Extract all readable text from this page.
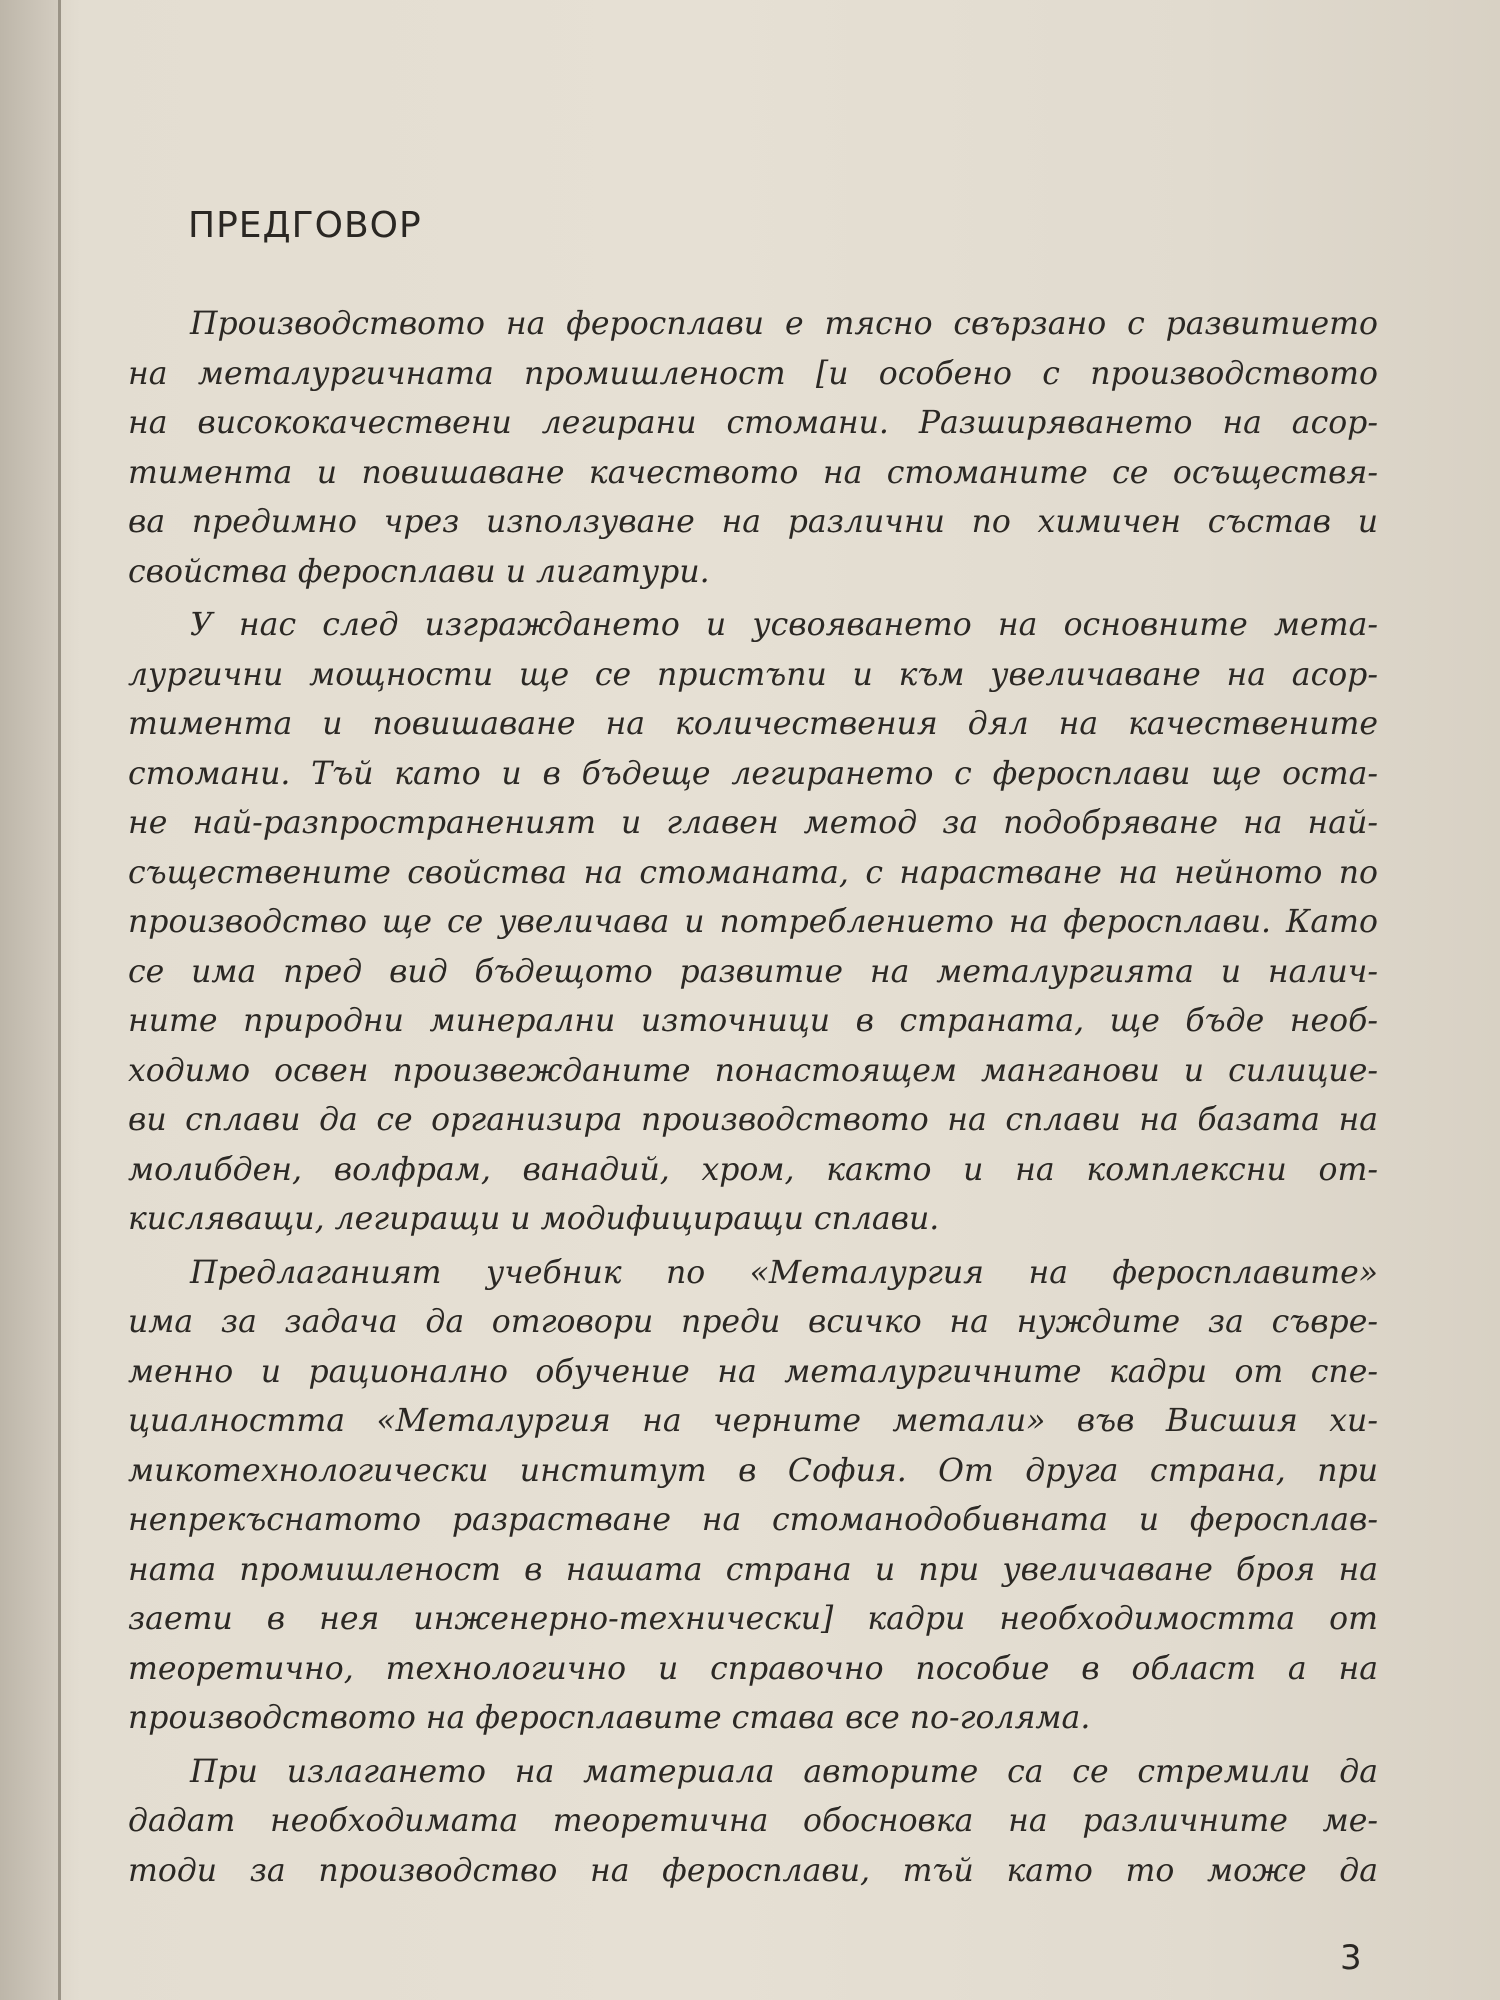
ПРЕДГОВОР
Производството на феросплави е тясно свързано с развитието
на металургичната промишленост [и особено с производството
на висококачествени легирани стомани. Разширяването на асор-
тимента и повишаване качеството на стоманите се осъществя-
ва предимно чрез използуване на различни по химичен състав и
свойства феросплави и лигатури.
У нас след изграждането и усвояването на основните мета-
лургични мощности ще се пристъпи и към увеличаване на асор-
тимента и повишаване на количествения дял на качествените
стомани. Тъй като и в бъдеще легирането с феросплави ще оста-
не най-разпространеният и главен метод за подобряване на най-
съществените свойства на стоманата, с нарастване на нейното по
производство ще се увеличава и потреблението на феросплави. Като
се има пред вид бъдещото развитие на металургията и налич-
ните природни минерални източници в страната, ще бъде необ-
ходимо освен произвежданите понастоящем манганови и силицие-
ви сплави да се организира производството на сплави на базата на
молибден, волфрам, ванадий, хром, както и на комплексни от-
кисляващи, легиращи и модифициращи сплави.
Предлаганият учебник по «Металургия на феросплавите»
има за задача да отговори преди всичко на нуждите за съвре-
менно и рационално обучение на металургичните кадри от спе-
циалността «Металургия на черните метали» във Висшия хи-
микотехнологически институт в София. От друга страна, при
непрекъснатото разрастване на стоманодобивната и феросплав-
ната промишленост в нашата страна и при увеличаване броя на
заети в нея инженерно-технически] кадри необходимостта от
теоретично, технологично и справочно пособие в област а на
производството на феросплавите става все по-голяма.
При излагането на материала авторите са се стремили да
дадат необходимата теоретична обосновка на различните ме-
тоди за производство на феросплави, тъй като то може да
3
